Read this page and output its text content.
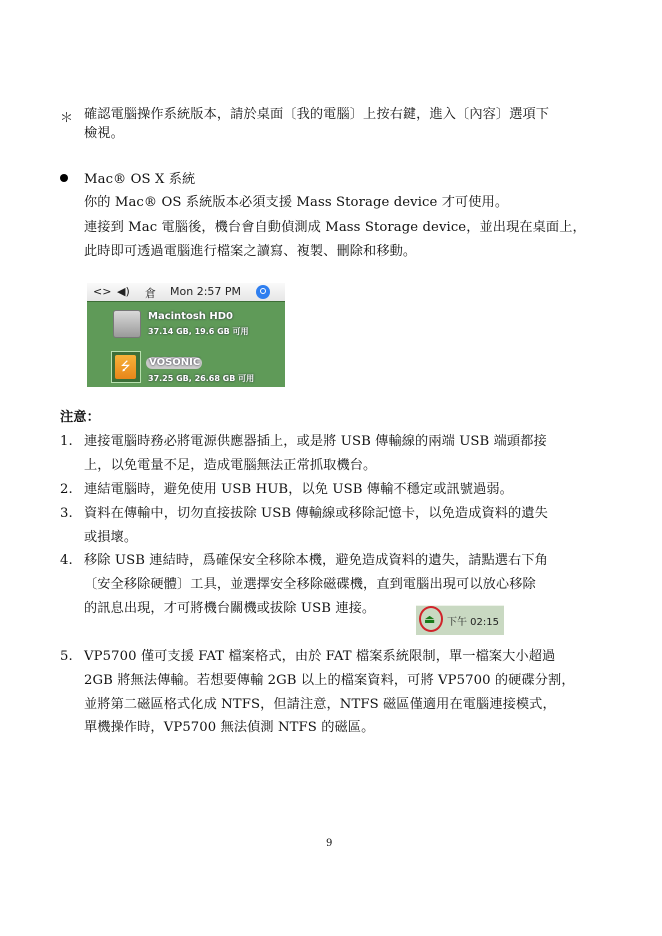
＊ 確認電腦操作系統版本，請於桌面〔我的電腦〕上按右鍵，進入〔內容〕選項下
檢視。
Mac® OS X 系統
你的 Mac® OS 系統版本必須支援 Mass Storage device 才可使用。
連接到 Mac 電腦後，機台會自動偵測成 Mass Storage device，並出現在桌面上，
此時即可透過電腦進行檔案之讀寫、複製、刪除和移動。
<> ◀) 倉 Mon 2:57 PM
Macintosh HD0
37.14 GB, 19.6 GB 可用
⭍	VOSONIC
37.25 GB, 26.68 GB 可用
注意：
1. 連接電腦時務必將電源供應器插上，或是將 USB 傳輸線的兩端 USB 端頭都接
上，以免電量不足，造成電腦無法正常抓取機台。
2. 連結電腦時，避免使用 USB HUB，以免 USB 傳輸不穩定或訊號過弱。
3. 資料在傳輸中，切勿直接拔除 USB 傳輸線或移除記憶卡，以免造成資料的遺失
或損壞。
4. 移除 USB 連結時，爲確保安全移除本機，避免造成資料的遺失，請點選右下角
〔安全移除硬體〕工具，並選擇安全移除磁碟機，直到電腦出現可以放心移除
的訊息出現，才可將機台關機或拔除 USB 連接。
⏏ 下午 02:15
5. VP5700 僅可支援 FAT 檔案格式，由於 FAT 檔案系統限制，單一檔案大小超過
2GB 將無法傳輸。若想要傳輸 2GB 以上的檔案資料，可將 VP5700 的硬碟分割，
並將第二磁區格式化成 NTFS，但請注意，NTFS 磁區僅適用在電腦連接模式，
單機操作時，VP5700 無法偵測 NTFS 的磁區。
9
